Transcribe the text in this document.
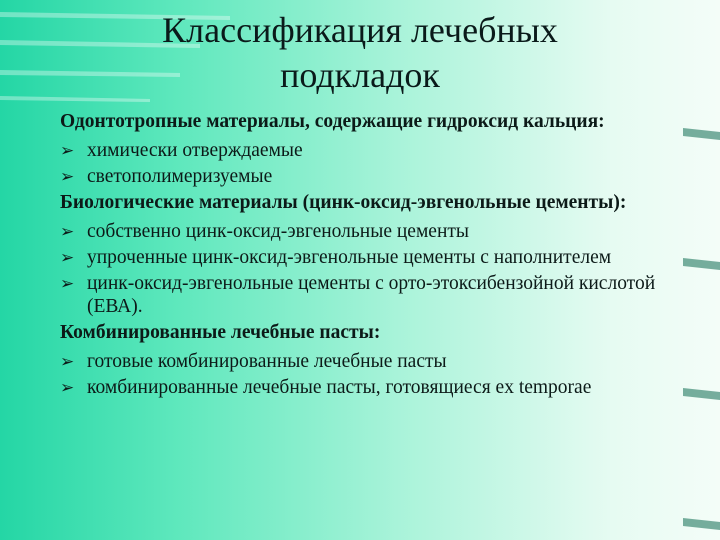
Классификация лечебных
подкладок

Одонтотропные материалы, содержащие гидроксид кальция:

➢ химически отверждаемые

➢ светополимеризуемые

Биологические материалы (цинк-оксид-эвгенольные цементы):

➢ собственно цинк-оксид-эвгенольные цементы

➢ упроченные цинк-оксид-эвгенольные цементы с наполнителем

➢ цинк-оксид-эвгенольные цементы с орто-этоксибензойной кислотой (ЕВА).

Комбинированные лечебные пасты:

➢ готовые комбинированные лечебные пасты

➢ комбинированные лечебные пасты, готовящиеся ex temporae
